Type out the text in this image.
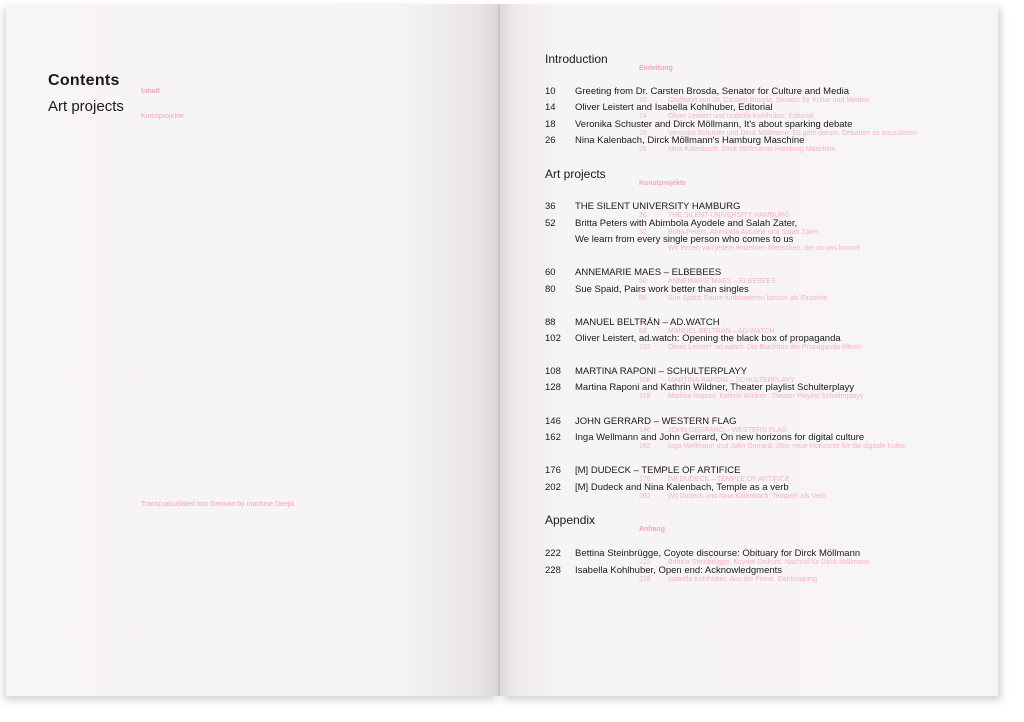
Contents
Inhalt
Art projects
Kunstprojekte
Trans(calcu)lated into German by machine DeepL
Introduction
Einleitung
10 Greeting from Dr. Carsten Brosda, Senator for Culture and Media
10	Grußwort von Dr. Carsten Brosda, Senator für Kultur und Medien
14 Oliver Leistert and Isabella Kohlhuber, Editorial
14	Oliver Leistert und Isabella Kohlhuber, Editorial
18 Veronika Schuster and Dirck Möllmann, It's about sparking debate
18	Veronika Schuster und Dirck Möllmann: Es geht darum, Debatten zu auszulösen
26 Nina Kalenbach, Dirck Möllmann's Hamburg Maschine
26	Nina Kalenbach: Dirck Möllmanns Hamburg Maschine
Art projects
Kunstprojekte
36 THE SILENT UNIVERSITY HAMBURG
36	THE SILENT UNIVERSITY HAMBURG
52 Britta Peters with Abimbola Ayodele and Salah Zater,
We learn from every single person who comes to us
52	Britta Peters, Abimbola Ayodele und Salah Zater:
Wir lernen von jedem einzelnen Menschen, der zu uns kommt
60 ANNEMARIE MAES – ELBEBEES
60	ANNEMARIE MAES – ELBEBEES
80 Sue Spaid, Pairs work better than singles
80	Sue Spaid: Paare funktionieren besser als Einzelne
88 MANUEL BELTRÁN – AD.WATCH
88	MANUEL BELTRÁN – AD.WATCH
102 Oliver Leistert, ad.watch: Opening the black box of propaganda
102 Oliver Leistert: ad.watch: Die Blackbox der Propaganda öffnen
108 MARTINA RAPONI – SCHULTERPLAYY
108 MARTINA RAPONI – SCHULTERPLAYY
128 Martina Raponi and Kathrin Wildner, Theater playlist Schulterplayy
128 Martina Raponi, Kathrin Wildner: Theater Playlist Schulterplayy
146 JOHN GERRARD – WESTERN FLAG
146 JOHN GERRARD – WESTERN FLAG
162 Inga Wellmann and John Gerrard, On new horizons for digital culture
162 Inga Wellmann und John Gerrard: Über neue Horizonte für die digitale Kultur
176 [M] DUDECK – TEMPLE OF ARTIFICE
176 [M] DUDECK – TEMPLE OF ARTIFICE
202 [M] Dudeck and Nina Kalenbach, Temple as a verb
202 [M] Dudeck und Nina Kalenbach: Tempeln als Verb
Appendix
Anhang
222 Bettina Steinbrügge, Coyote discourse: Obituary for Dirck Möllmann
222 Bettina Steinbrügge, Koyote-Diskurs: Nachruf für Dirck Möllmann
228 Isabella Kohlhuber, Open end: Acknowledgments
228 Isabella Kohlhuber: Aus der Ferne. Danksagung
